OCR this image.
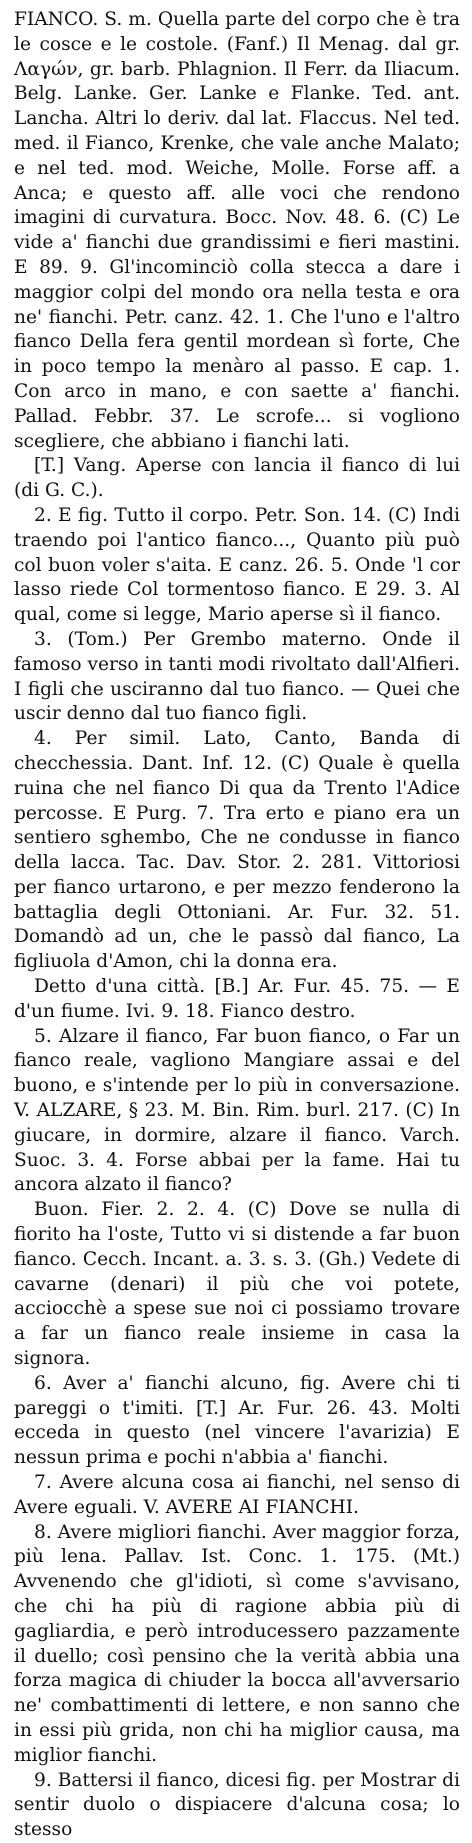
FIANCO. S. m. Quella parte del corpo che è tra le cosce e le costole. (Fanf.) Il Menag. dal gr. Λαγών, gr. barb. Phlagnion. Il Ferr. da Iliacum. Belg. Lanke. Ger. Lanke e Flanke. Ted. ant. Lancha. Altri lo deriv. dal lat. Flaccus. Nel ted. med. il Fianco, Krenke, che vale anche Malato; e nel ted. mod. Weiche, Molle. Forse aff. a Anca; e questo aff. alle voci che rendono imagini di curvatura. Bocc. Nov. 48. 6. (C) Le vide a' fianchi due grandissimi e fieri mastini. E 89. 9. Gl'incominciò colla stecca a dare i maggior colpi del mondo ora nella testa e ora ne' fianchi. Petr. canz. 42. 1. Che l'uno e l'altro fianco Della fera gentil mordean sì forte, Che in poco tempo la menàro al passo. E cap. 1. Con arco in mano, e con saette a' fianchi. Pallad. Febbr. 37. Le scrofe... si vogliono scegliere, che abbiano i fianchi lati.

[T.] Vang. Aperse con lancia il fianco di lui (di G. C.).

2. E fig. Tutto il corpo. Petr. Son. 14. (C) Indi traendo poi l'antico fianco..., Quanto più può col buon voler s'aita. E canz. 26. 5. Onde 'l cor lasso riede Col tormentoso fianco. E 29. 3. Al qual, come si legge, Mario aperse sì il fianco.

3. (Tom.) Per Grembo materno. Onde il famoso verso in tanti modi rivoltato dall'Alfieri. I figli che usciranno dal tuo fianco. — Quei che uscir denno dal tuo fianco figli.

4. Per simil. Lato, Canto, Banda di checchessia. Dant. Inf. 12. (C) Quale è quella ruina che nel fianco Di qua da Trento l'Adice percosse. E Purg. 7. Tra erto e piano era un sentiero sghembo, Che ne condusse in fianco della lacca. Tac. Dav. Stor. 2. 281. Vittoriosi per fianco urtarono, e per mezzo fenderono la battaglia degli Ottoniani. Ar. Fur. 32. 51. Domandò ad un, che le passò dal fianco, La figliuola d'Amon, chi la donna era.

Detto d'una città. [B.] Ar. Fur. 45. 75. — E d'un fiume. Ivi. 9. 18. Fianco destro.

5. Alzare il fianco, Far buon fianco, o Far un fianco reale, vagliono Mangiare assai e del buono, e s'intende per lo più in conversazione. V. ALZARE, § 23. M. Bin. Rim. burl. 217. (C) In giucare, in dormire, alzare il fianco. Varch. Suoc. 3. 4. Forse abbai per la fame. Hai tu ancora alzato il fianco?

Buon. Fier. 2. 2. 4. (C) Dove se nulla di fiorito ha l'oste, Tutto vi si distende a far buon fianco. Cecch. Incant. a. 3. s. 3. (Gh.) Vedete di cavarne (denari) il più che voi potete, acciocchè a spese sue noi ci possiamo trovare a far un fianco reale insieme in casa la signora.

6. Aver a' fianchi alcuno, fig. Avere chi ti pareggi o t'imiti. [T.] Ar. Fur. 26. 43. Molti eccedа in questo (nel vincere l'avarizia) E nessun prima e pochi n'abbia a' fianchi.

7. Avere alcuna cosa ai fianchi, nel senso di Avere eguali. V. AVERE AI FIANCHI.

8. Avere migliori fianchi. Aver maggior forza, più lena. Pallav. Ist. Conc. 1. 175. (Mt.) Avvenendo che gl'idioti, sì come s'avvisano, che chi ha più di ragione abbia più di gagliardia, e però introducessero pazzamente il duello; così pensino che la verità abbia una forza magica di chiuder la bocca all'avversario ne' combattimenti di lettere, e non sanno che in essi più grida, non chi ha miglior causa, ma miglior fianchi.

9. Battersi il fianco, dicesi fig. per Mostrar di sentir duolo o dispiacere d'alcuna cosa; lo stesso
